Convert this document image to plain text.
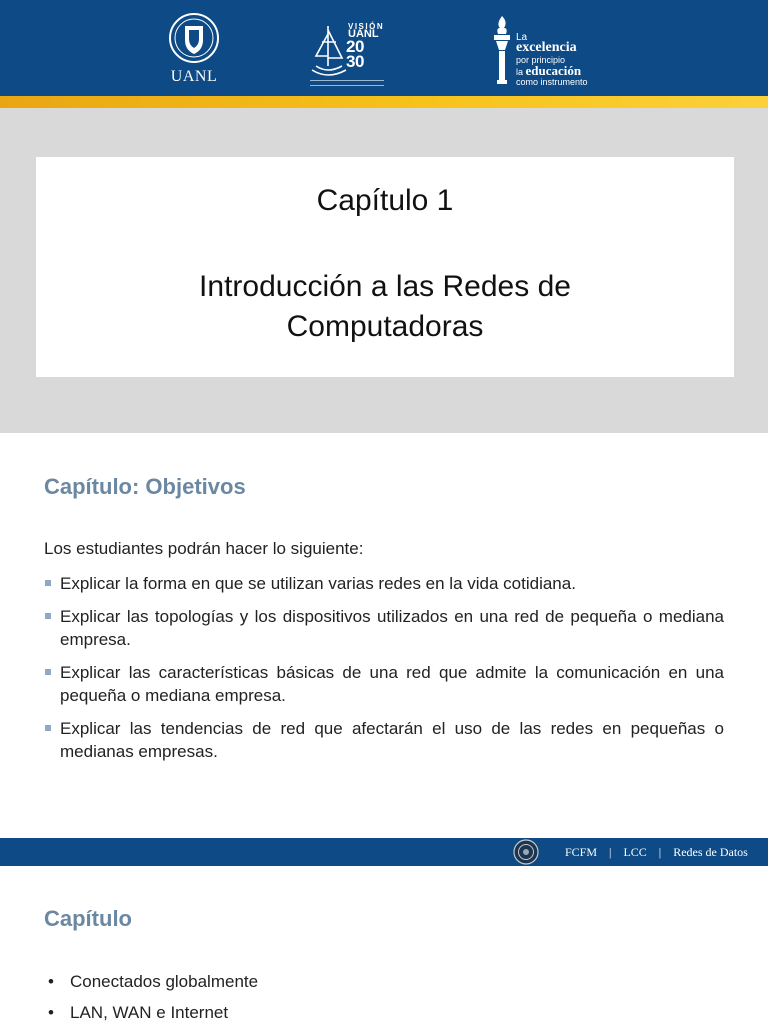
UANL
VISIÓN
UANL
20
30
La
excelencia
por principio
la educación
como instrumento
Capítulo 1
Introducción a las Redes de
Computadoras
Capítulo: Objetivos
Los estudiantes podrán hacer lo siguiente:
Explicar la forma en que se utilizan varias redes en la vida cotidiana.
Explicar las topologías y los dispositivos utilizados en una red de pequeña o mediana empresa.
Explicar las características básicas de una red que admite la comunicación en una pequeña o mediana empresa.
Explicar las tendencias de red que afectarán el uso de las redes en pequeñas o medianas empresas.
FCFM | LCC | Redes de Datos
Capítulo
• Conectados globalmente
• LAN, WAN e Internet
